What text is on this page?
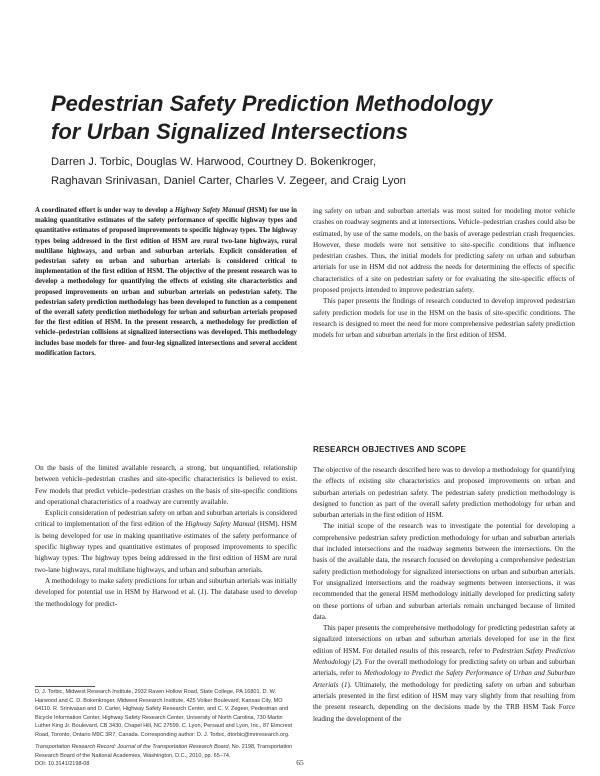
Pedestrian Safety Prediction Methodology
for Urban Signalized Intersections
Darren J. Torbic, Douglas W. Harwood, Courtney D. Bokenkroger,
Raghavan Srinivasan, Daniel Carter, Charles V. Zegeer, and Craig Lyon

A coordinated effort is under way to develop a Highway Safety Manual (HSM) for use in making quantitative estimates of the safety performance of specific highway types and quantitative estimates of proposed improvements to specific highway types. The highway types being addressed in the first edition of HSM are rural two-lane highways, rural multilane highways, and urban and suburban arterials. Explicit consideration of pedestrian safety on urban and suburban arterials is considered critical to implementation of the first edition of HSM. The objective of the present research was to develop a methodology for quantifying the effects of existing site characteristics and proposed improvements on urban and suburban arterials on pedestrian safety. The pedestrian safety prediction methodology has been developed to function as a component of the overall safety prediction methodology for urban and suburban arterials proposed for the first edition of HSM. In the present research, a methodology for prediction of vehicle–pedestrian collisions at signalized intersections was developed. This methodology includes base models for three- and four-leg signalized intersections and several accident modification factors.

On the basis of the limited available research, a strong, but unquantified, relationship between vehicle–pedestrian crashes and site-specific characteristics is believed to exist. Few models that predict vehicle–pedestrian crashes on the basis of site-specific conditions and operational characteristics of a roadway are currently available.

Explicit consideration of pedestrian safety on urban and suburban arterials is considered critical to implementation of the first edition of the Highway Safety Manual (HSM). HSM is being developed for use in making quantitative estimates of the safety performance of specific highway types and quantitative estimates of proposed improvements to specific highway types. The highway types being addressed in the first edition of HSM are rural two-lane highways, rural multilane highways, and urban and suburban arterials.

A methodology to make safety predictions for urban and suburban arterials was initially developed for potential use in HSM by Harwood et al. (1). The database used to develop the methodology for predict-

D. J. Torbic, Midwest Research Institute, 2932 Raven Hollow Road, State College, PA 16801. D. W. Harwood and C. D. Bokenkroger, Midwest Research Institute, 425 Volker Boulevard, Kansas City, MO 64110. R. Srinivasan and D. Carter, Highway Safety Research Center, and C. V. Zegeer, Pedestrian and Bicycle Information Center, Highway Safety Research Center, University of North Carolina, 730 Martin Luther King Jr. Boulevard, CB 3430, Chapel Hill, NC 27599. C. Lyon, Persaud and Lyon, Inc., 87 Elmcrest Road, Toronto, Ontario M9C 3R7, Canada. Corresponding author: D. J. Torbic, dtorbic@mriresearch.org.

Transportation Research Record: Journal of the Transportation Research Board, No. 2198, Transportation Research Board of the National Academies, Washington, D.C., 2010, pp. 65–74.
DOI: 10.3141/2198-08

ing safety on urban and suburban arterials was most suited for modeling motor vehicle crashes on roadway segments and at intersections. Vehicle–pedestrian crashes could also be estimated, by use of the same models, on the basis of average pedestrian crash frequencies. However, these models were not sensitive to site-specific conditions that influence pedestrian crashes. Thus, the initial models for predicting safety on urban and suburban arterials for use in HSM did not address the needs for determining the effects of specific characteristics of a site on pedestrian safety or for evaluating the site-specific effects of proposed projects intended to improve pedestrian safety.

This paper presents the findings of research conducted to develop improved pedestrian safety prediction models for use in the HSM on the basis of site-specific conditions. The research is designed to meet the need for more comprehensive pedestrian safety prediction models for urban and suburban arterials in the first edition of HSM.

RESEARCH OBJECTIVES AND SCOPE

The objective of the research described here was to develop a methodology for quantifying the effects of existing site characteristics and proposed improvements on urban and suburban arterials on pedestrian safety. The pedestrian safety prediction methodology is designed to function as part of the overall safety prediction methodology for urban and suburban arterials in the first edition of HSM.

The initial scope of the research was to investigate the potential for developing a comprehensive pedestrian safety prediction methodology for urban and suburban arterials that included intersections and the roadway segments between the intersections. On the basis of the available data, the research focused on developing a comprehensive pedestrian safety prediction methodology for signalized intersections on urban and suburban arterials. For unsignalized intersections and the roadway segments between intersections, it was recommended that the general HSM methodology initially developed for predicting safety on these portions of urban and suburban arterials remain unchanged because of limited data.

This paper presents the comprehensive methodology for predicting pedestrian safety at signalized intersections on urban and suburban arterials developed for use in the first edition of HSM. For detailed results of this research, refer to Pedestrian Safety Prediction Methodology (2). For the overall methodology for predicting safety on urban and suburban arterials, refer to Methodology to Predict the Safety Performance of Urban and Suburban Arterials (1). Ultimately, the methodology for predicting safety on urban and suburban arterials presented in the first edition of HSM may vary slightly from that resulting from the present research, depending on the decisions made by the TRB HSM Task Force leading the development of the

65
